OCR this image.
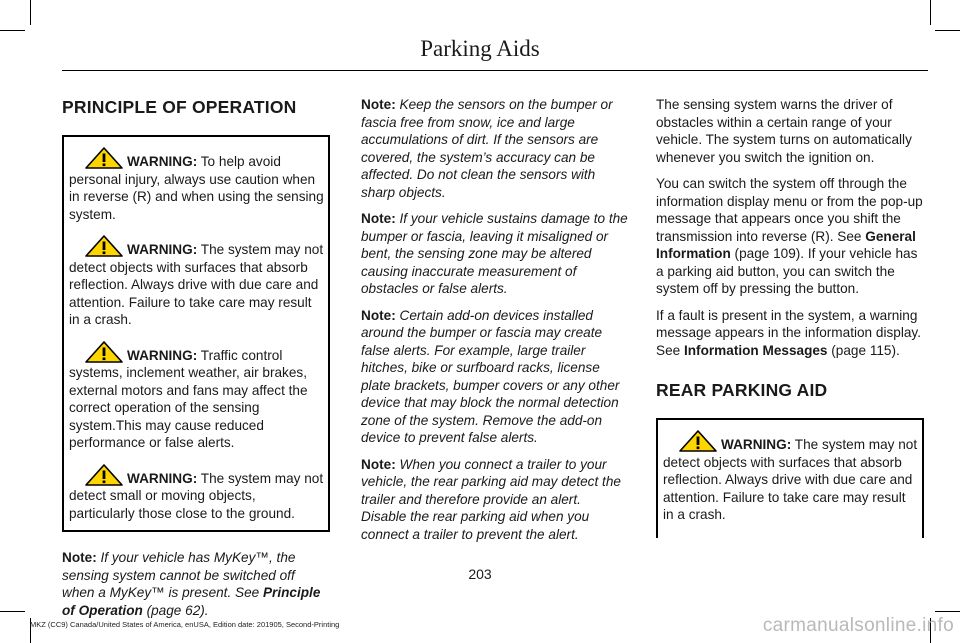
Parking Aids
PRINCIPLE OF OPERATION
WARNING: To help avoid personal injury, always use caution when in reverse (R) and when using the sensing system.
WARNING: The system may not detect objects with surfaces that absorb reflection. Always drive with due care and attention. Failure to take care may result in a crash.
WARNING: Traffic control systems, inclement weather, air brakes, external motors and fans may affect the correct operation of the sensing system.This may cause reduced performance or false alerts.
WARNING: The system may not detect small or moving objects, particularly those close to the ground.

Note: If your vehicle has MyKey™, the sensing system cannot be switched off when a MyKey™ is present. See Principle of Operation (page 62).

Note: Keep the sensors on the bumper or fascia free from snow, ice and large accumulations of dirt. If the sensors are covered, the system’s accuracy can be affected. Do not clean the sensors with sharp objects.

Note: If your vehicle sustains damage to the bumper or fascia, leaving it misaligned or bent, the sensing zone may be altered causing inaccurate measurement of obstacles or false alerts.

Note: Certain add-on devices installed around the bumper or fascia may create false alerts. For example, large trailer hitches, bike or surfboard racks, license plate brackets, bumper covers or any other device that may block the normal detection zone of the system. Remove the add-on device to prevent false alerts.

Note: When you connect a trailer to your vehicle, the rear parking aid may detect the trailer and therefore provide an alert. Disable the rear parking aid when you connect a trailer to prevent the alert.

The sensing system warns the driver of obstacles within a certain range of your vehicle. The system turns on automatically whenever you switch the ignition on.

You can switch the system off through the information display menu or from the pop-up message that appears once you shift the transmission into reverse (R). See General Information (page 109). If your vehicle has a parking aid button, you can switch the system off by pressing the button.

If a fault is present in the system, a warning message appears in the information display. See Information Messages (page 115).

REAR PARKING AID
WARNING: The system may not detect objects with surfaces that absorb reflection. Always drive with due care and attention. Failure to take care may result in a crash.
203
MKZ (CC9) Canada/United States of America, enUSA, Edition date: 201905, Second-Printing	carmanualsonline.info
